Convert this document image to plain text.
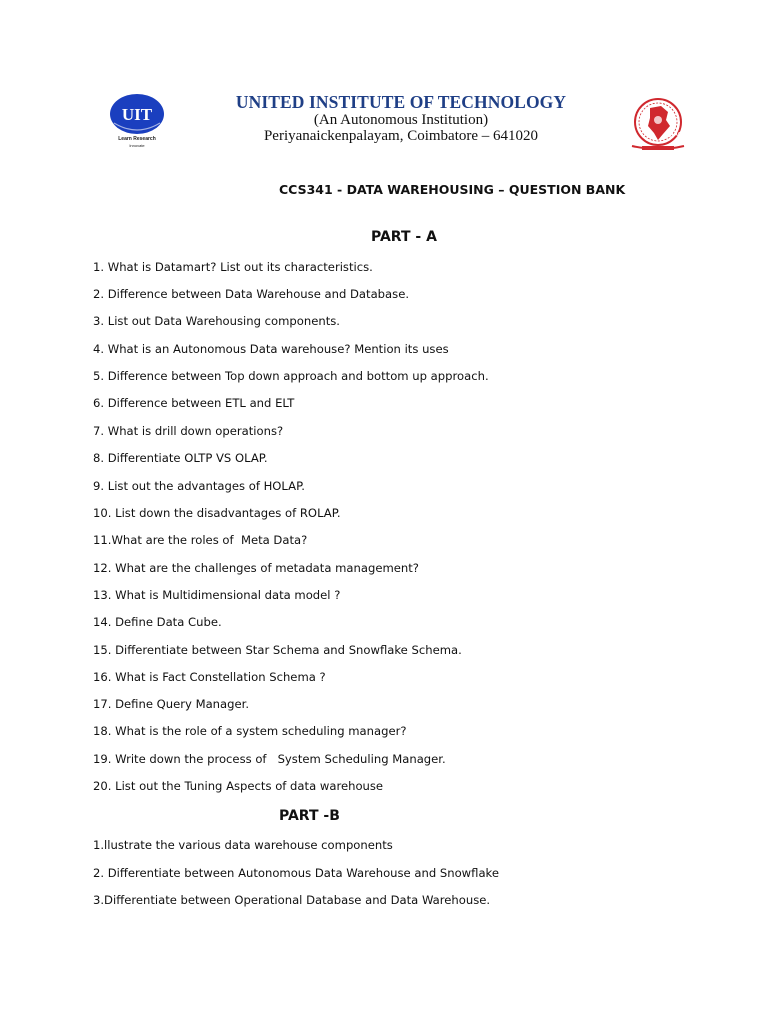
UIT
Learn Research
Innovate
NAAC
UNITED INSTITUTE OF TECHNOLOGY
(An Autonomous Institution)
Periyanaickenpalayam, Coimbatore – 641020
CCS341 - DATA WAREHOUSING – QUESTION BANK
PART - A
1. What is Datamart? List out its characteristics.
2. Difference between Data Warehouse and Database.
3. List out Data Warehousing components.
4. What is an Autonomous Data warehouse? Mention its uses
5. Difference between Top down approach and bottom up approach.
6. Difference between ETL and ELT
7. What is drill down operations?
8. Differentiate OLTP VS OLAP.
9. List out the advantages of HOLAP.
10. List down the disadvantages of ROLAP.
11.What are the roles of  Meta Data?
12. What are the challenges of metadata management?
13. What is Multidimensional data model ?
14. Define Data Cube.
15. Differentiate between Star Schema and Snowflake Schema.
16. What is Fact Constellation Schema ?
17. Define Query Manager.
18. What is the role of a system scheduling manager?
19. Write down the process of   System Scheduling Manager.
20. List out the Tuning Aspects of data warehouse
PART -B
1.llustrate the various data warehouse components
2. Differentiate between Autonomous Data Warehouse and Snowflake
3.Differentiate between Operational Database and Data Warehouse.
